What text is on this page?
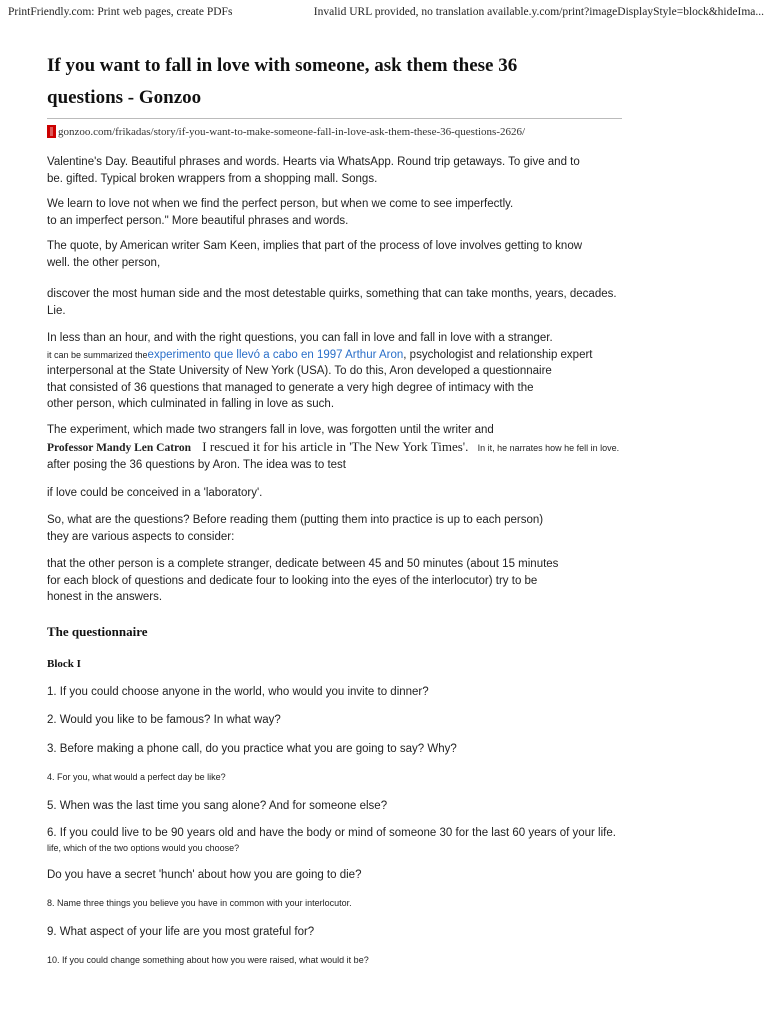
PrintFriendly.com: Print web pages, create PDFs	Invalid URL provided, no translation available.y.com/print?imageDisplayStyle=block&hideIma...
If you want to fall in love with someone, ask them these 36 questions - Gonzoo
gonzoo.com/frikadas/story/if-you-want-to-make-someone-fall-in-love-ask-them-these-36-questions-2626/

Valentine's Day. Beautiful phrases and words. Hearts via WhatsApp. Round trip getaways. To give and to be. gifted. Typical broken wrappers from a shopping mall. Songs.

We learn to love not when we find the perfect person, but when we come to see imperfectly.

to an imperfect person." More beautiful phrases and words.

The quote, by American writer Sam Keen, implies that part of the process of love involves getting to know well. the other person,

discover the most human side and the most detestable quirks, something that can take months, years, decades. Lie.

In less than an hour, and with the right questions, you can fall in love and fall in love with a stranger.

it can be summarized theexperimento que llevó a cabo en 1997 Arthur Aron, psychologist and relationship expert

interpersonal at the State University of New York (USA). To do this, Aron developed a questionnaire that consisted of 36 questions that managed to generate a very high degree of intimacy with the other person, which culminated in falling in love as such.

The experiment, which made two strangers fall in love, was forgotten until the writer and

Professor Mandy Len Catron I rescued it for his article in 'The New York Times'. In it, he narrates how he fell in love.

after posing the 36 questions by Aron. The idea was to test

if love could be conceived in a 'laboratory'.

So, what are the questions? Before reading them (putting them into practice is up to each person) they are various aspects to consider:

that the other person is a complete stranger, dedicate between 45 and 50 minutes (about 15 minutes for each block of questions and dedicate four to looking into the eyes of the interlocutor) try to be honest in the answers.

The questionnaire
Block I

1. If you could choose anyone in the world, who would you invite to dinner?

2. Would you like to be famous? In what way?

3. Before making a phone call, do you practice what you are going to say? Why?

4. For you, what would a perfect day be like?

5. When was the last time you sang alone? And for someone else?

6. If you could live to be 90 years old and have the body or mind of someone 30 for the last 60 years of your life.

life, which of the two options would you choose?

Do you have a secret 'hunch' about how you are going to die?

8. Name three things you believe you have in common with your interlocutor.

9. What aspect of your life are you most grateful for?

10. If you could change something about how you were raised, what would it be?
